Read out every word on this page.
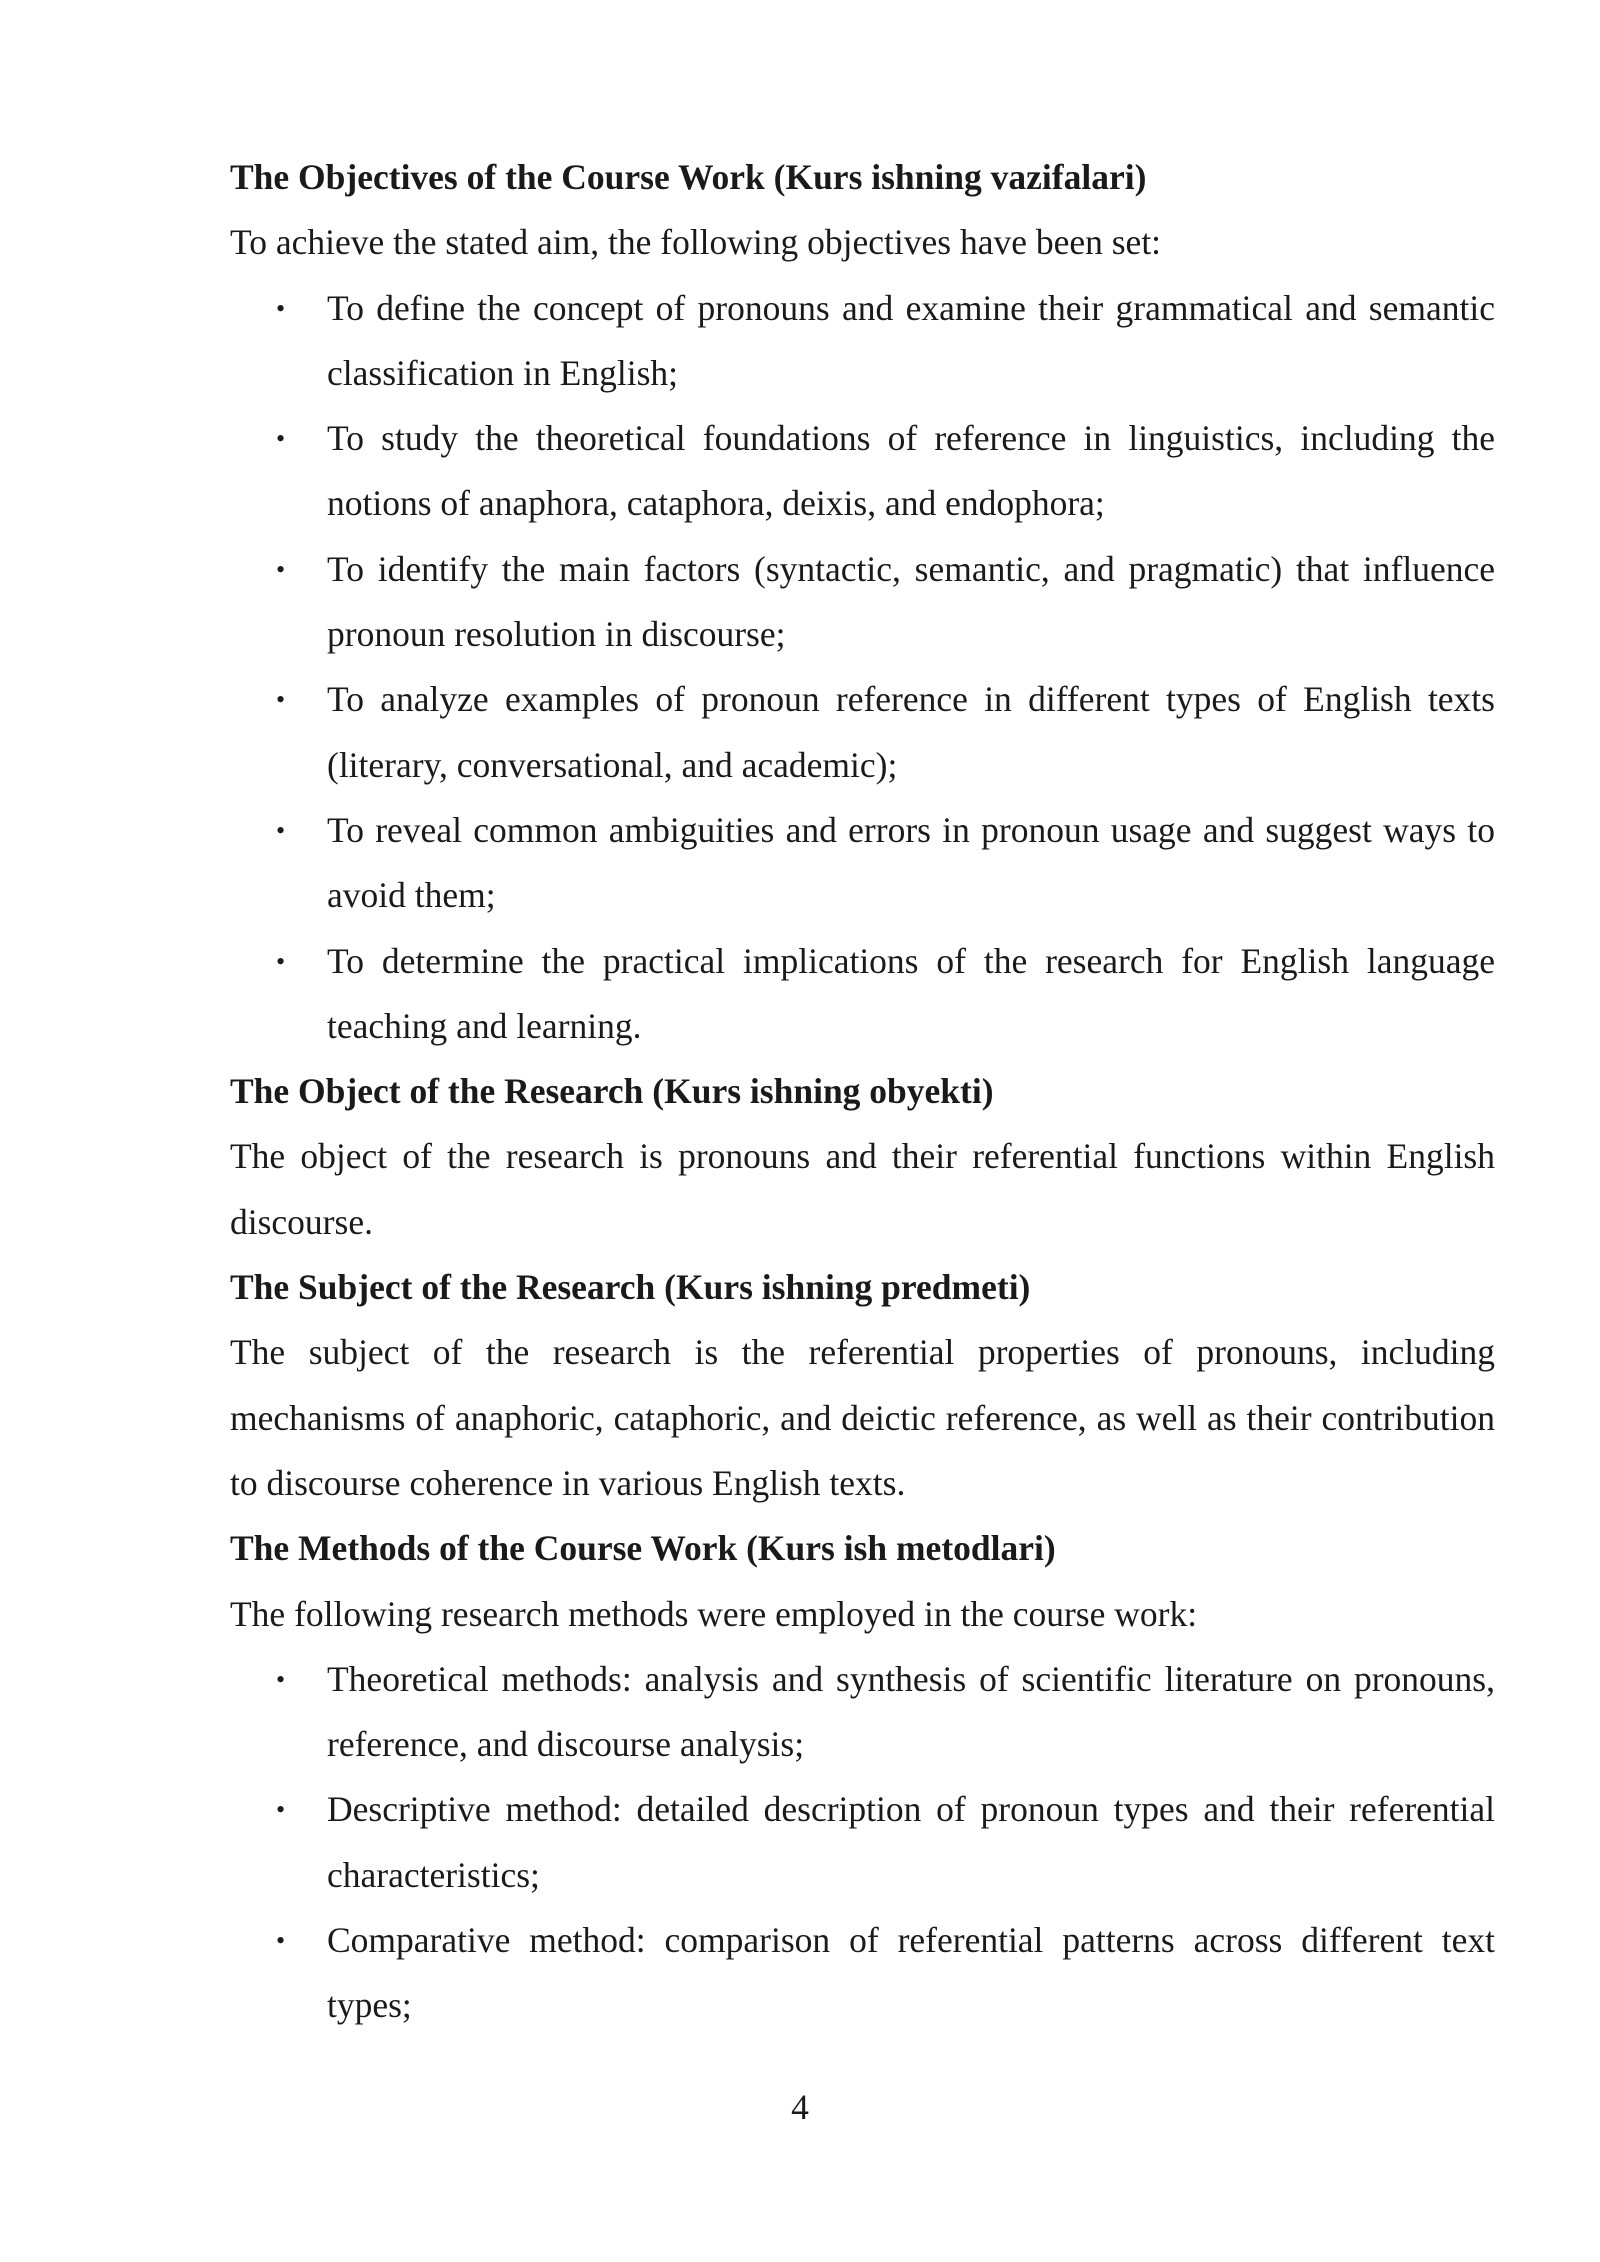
The Objectives of the Course Work (Kurs ishning vazifalari)

To achieve the stated aim, the following objectives have been set:

•	To define the concept of pronouns and examine their grammatical and semantic classification in English;
•	To study the theoretical foundations of reference in linguistics, including the notions of anaphora, cataphora, deixis, and endophora;
•	To identify the main factors (syntactic, semantic, and pragmatic) that influence pronoun resolution in discourse;
•	To analyze examples of pronoun reference in different types of English texts (literary, conversational, and academic);
•	To reveal common ambiguities and errors in pronoun usage and suggest ways to avoid them;
•	To determine the practical implications of the research for English language teaching and learning.

The Object of the Research (Kurs ishning obyekti)

The object of the research is pronouns and their referential functions within English discourse.

The Subject of the Research (Kurs ishning predmeti)

The subject of the research is the referential properties of pronouns, including mechanisms of anaphoric, cataphoric, and deictic reference, as well as their contribution to discourse coherence in various English texts.

The Methods of the Course Work (Kurs ish metodlari)

The following research methods were employed in the course work:

•	Theoretical methods: analysis and synthesis of scientific literature on pronouns, reference, and discourse analysis;
•	Descriptive method: detailed description of pronoun types and their referential characteristics;
•	Comparative method: comparison of referential patterns across different text types;
4
